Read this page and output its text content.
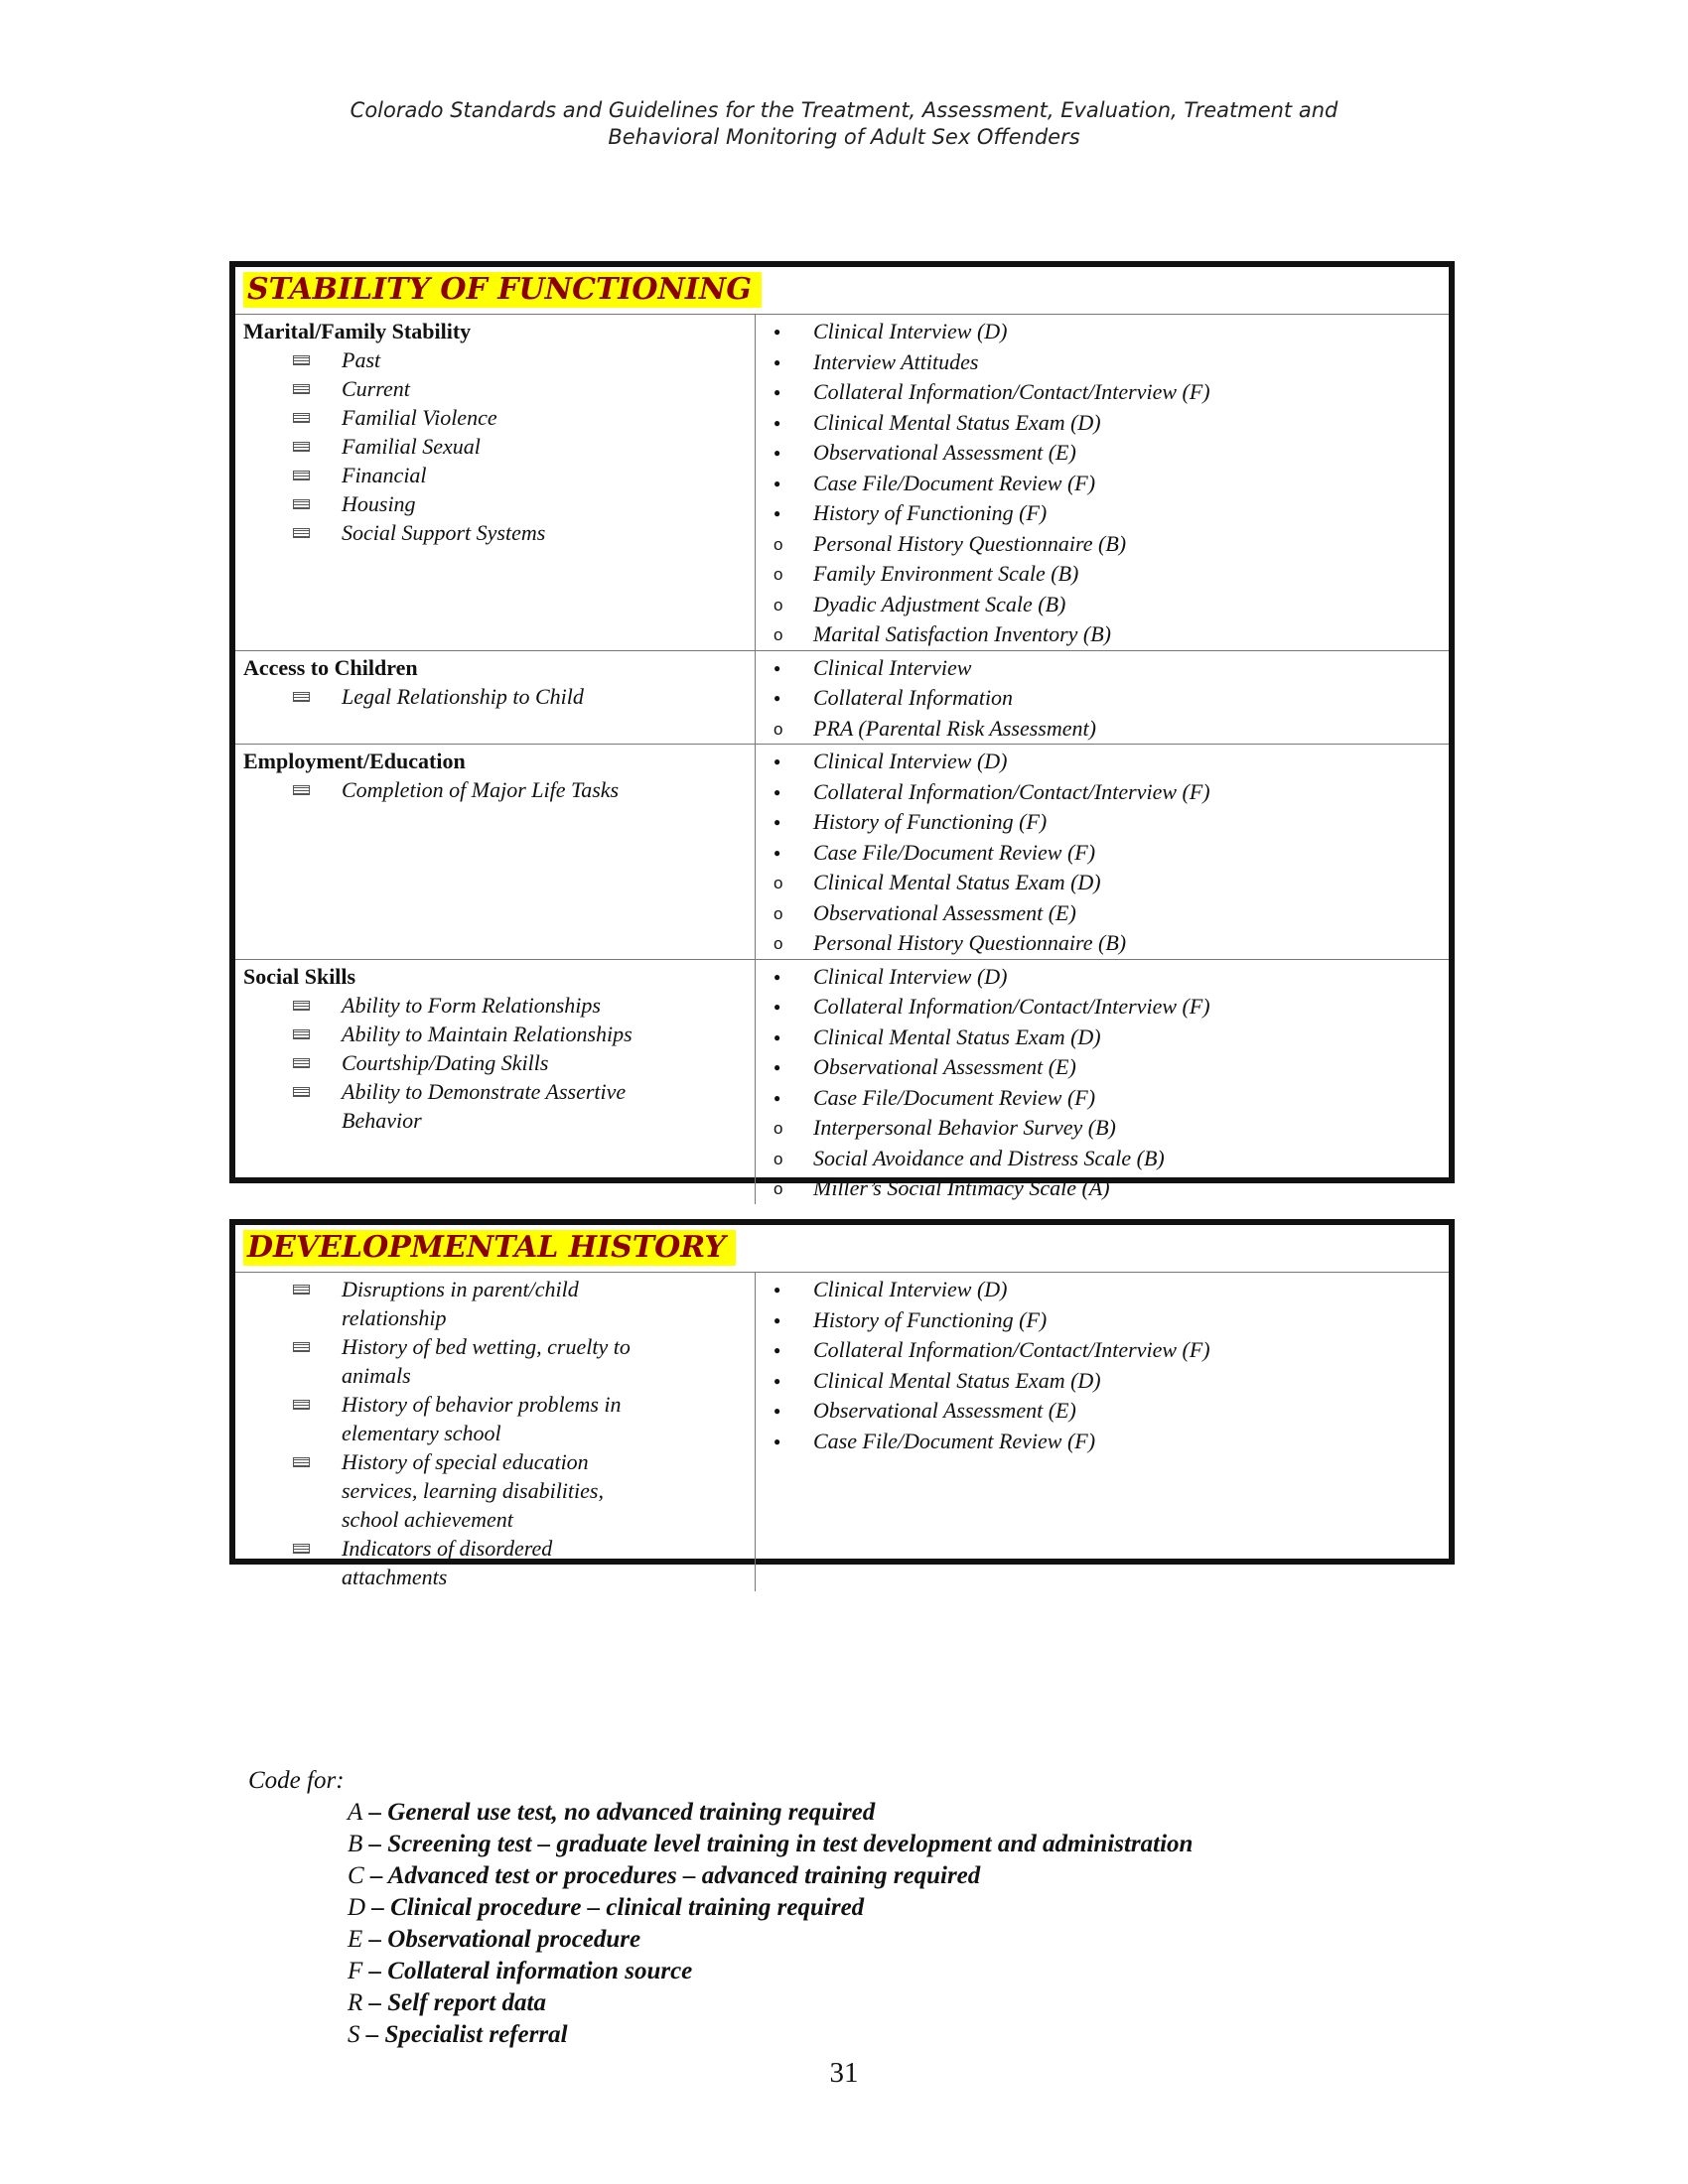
Colorado Standards and Guidelines for the Treatment, Assessment, Evaluation, Treatment and
Behavioral Monitoring of Adult Sex Offenders
STABILITY OF FUNCTIONING

Marital/Family Stability

Past
Current
Familial Violence
Familial Sexual
Financial
Housing
Social Support Systems
●
Clinical Interview (D)
●
Interview Attitudes
●
Collateral Information/Contact/Interview (F)
●
Clinical Mental Status Exam (D)
●
Observational Assessment (E)
●
Case File/Document Review (F)
●
History of Functioning (F)
o
Personal History Questionnaire (B)
o
Family Environment Scale (B)
o
Dyadic Adjustment Scale (B)
o
Marital Satisfaction Inventory (B)

Access to Children

Legal Relationship to Child
●
Clinical Interview
●
Collateral Information
o
PRA (Parental Risk Assessment)

Employment/Education

Completion of Major Life Tasks
●
Clinical Interview (D)
●
Collateral Information/Contact/Interview (F)
●
History of Functioning (F)
●
Case File/Document Review (F)
o
Clinical Mental Status Exam (D)
o
Observational Assessment (E)
o
Personal History Questionnaire (B)

Social Skills

Ability to Form Relationships
Ability to Maintain Relationships
Courtship/Dating Skills
Ability to Demonstrate Assertive Behavior
●
Clinical Interview (D)
●
Collateral Information/Contact/Interview (F)
●
Clinical Mental Status Exam (D)
●
Observational Assessment (E)
●
Case File/Document Review (F)
o
Interpersonal Behavior Survey (B)
o
Social Avoidance and Distress Scale (B)
o
Miller’s Social Intimacy Scale (A)
DEVELOPMENTAL HISTORY
Disruptions in parent/child relationship
History of bed wetting, cruelty to animals
History of behavior problems in elementary school
History of special education services, learning disabilities, school achievement
Indicators of disordered attachments
●
Clinical Interview (D)
●
History of Functioning (F)
●
Collateral Information/Contact/Interview (F)
●
Clinical Mental Status Exam (D)
●
Observational Assessment (E)
●
Case File/Document Review (F)

Code for:

A – General use test, no advanced training required
B – Screening test – graduate level training in test development and administration
C – Advanced test or procedures – advanced training required
D – Clinical procedure – clinical training required
E – Observational procedure
F – Collateral information source
R – Self report data
S – Specialist referral
31
